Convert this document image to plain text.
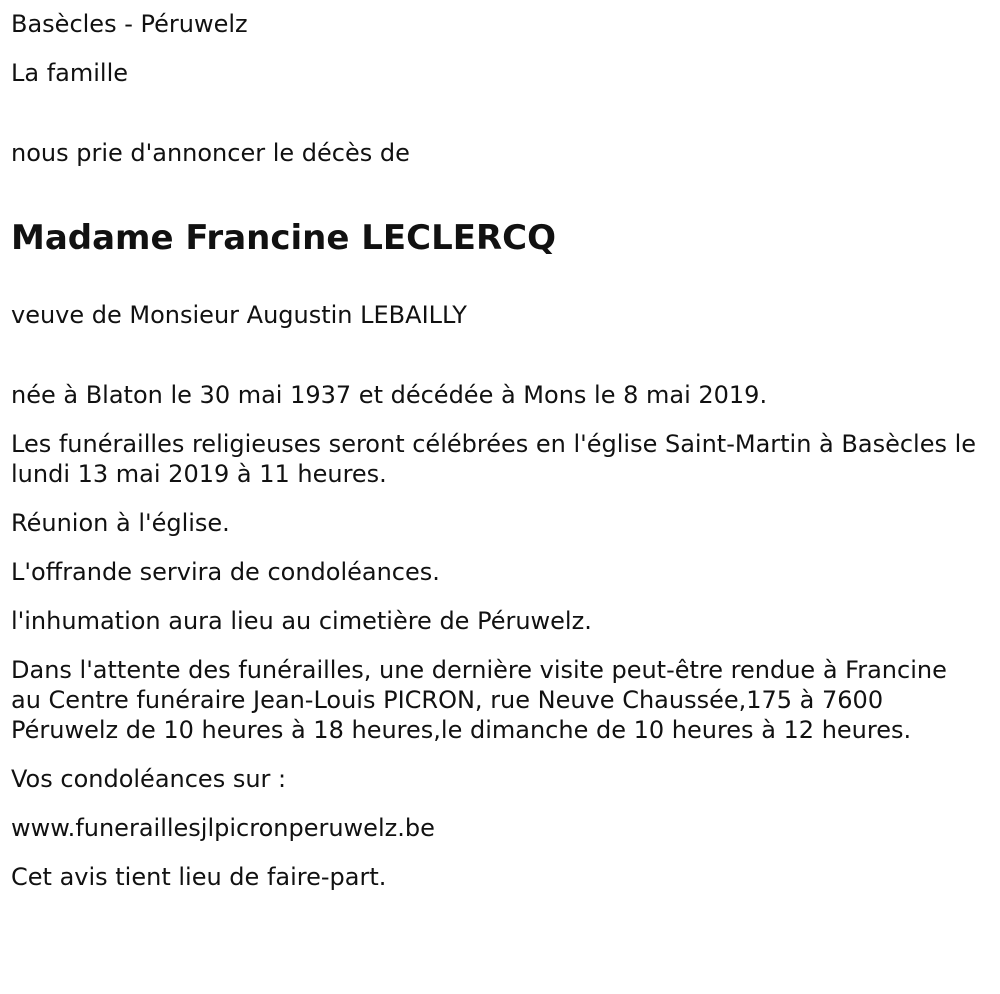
Basècles - Péruwelz

La famille

nous prie d'annoncer le décès de

Madame Francine LECLERCQ

veuve de Monsieur Augustin LEBAILLY

née à Blaton le 30 mai 1937 et décédée à Mons le 8 mai 2019.

Les funérailles religieuses seront célébrées en l'église Saint-Martin à Basècles le lundi 13 mai 2019 à 11 heures.

Réunion à l'église.

L'offrande servira de condoléances.

l'inhumation aura lieu au cimetière de Péruwelz.

Dans l'attente des funérailles, une dernière visite peut-être rendue à Francine au Centre funéraire Jean-Louis PICRON, rue Neuve Chaussée,175 à 7600 Péruwelz de 10 heures à 18 heures,le dimanche de 10 heures à 12 heures.

Vos condoléances sur :

www.funeraillesjlpicronperuwelz.be

Cet avis tient lieu de faire-part.
